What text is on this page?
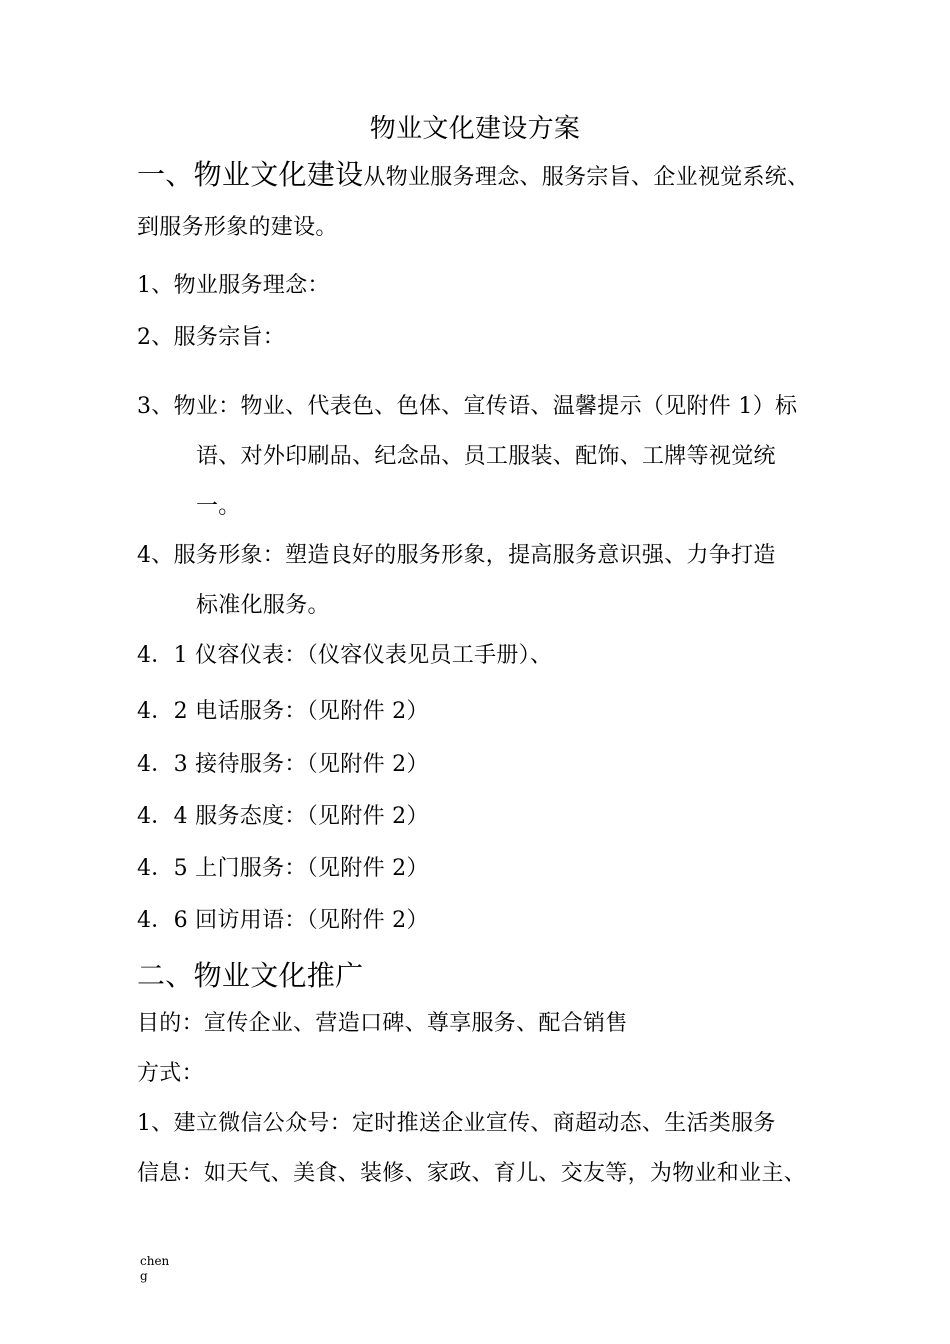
物业文化建设方案
一、物业文化建设从物业服务理念、服务宗旨、企业视觉系统、
到服务形象的建设。
1、物业服务理念：
2、服务宗旨：
3、物业：物业、代表色、色体、宣传语、温馨提示（见附件 1）标
语、对外印刷品、纪念品、员工服装、配饰、工牌等视觉统
一。
4、服务形象：塑造良好的服务形象，提高服务意识强、力争打造
标准化服务。
4．1 仪容仪表：（仪容仪表见员工手册）、
4．2 电话服务：（见附件 2）
4．3 接待服务：（见附件 2）
4．4 服务态度：（见附件 2）
4．5 上门服务：（见附件 2）
4．6 回访用语：（见附件 2）
二、物业文化推广
目的：宣传企业、营造口碑、尊享服务、配合销售
方式：
1、建立微信公众号：定时推送企业宣传、商超动态、生活类服务
信息：如天气、美食、装修、家政、育儿、交友等，为物业和业主、
chen
g
